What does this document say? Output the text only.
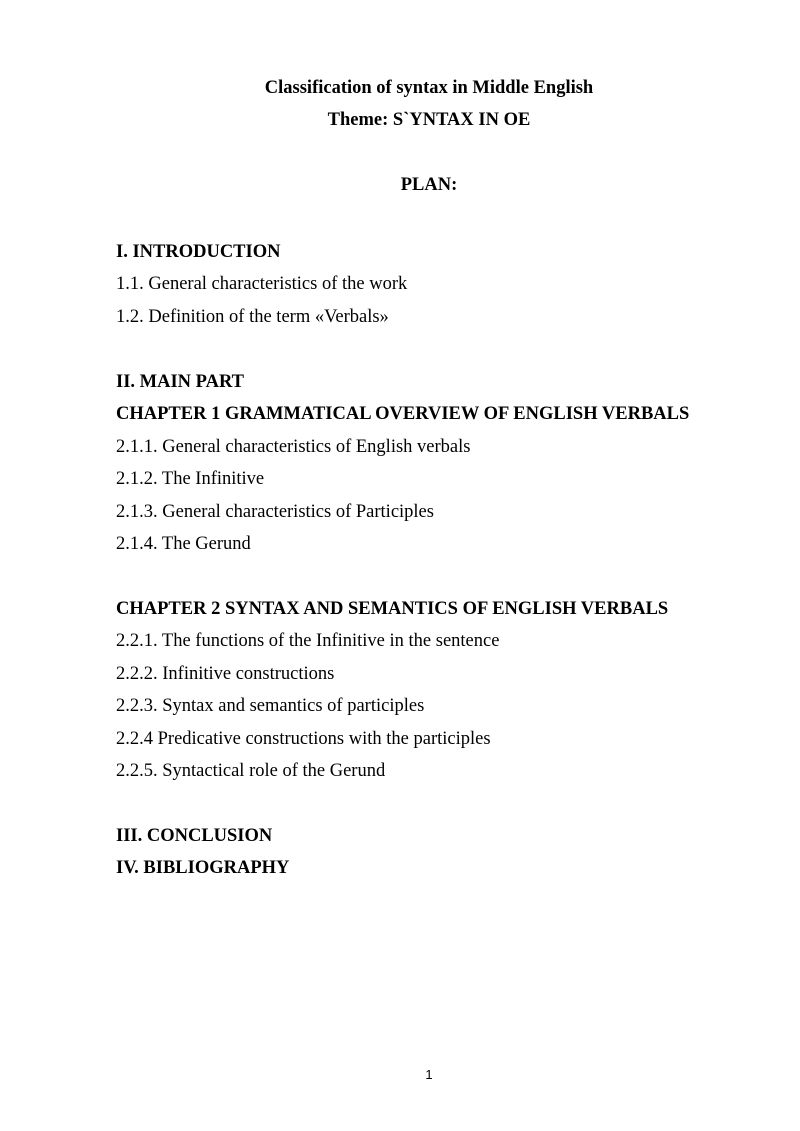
Classification of syntax in Middle English
Theme: S`YNTAX IN OE
PLAN:
I. INTRODUCTION
1.1. General characteristics of the work
1.2. Definition of the term «Verbals»
II. MAIN PART
CHAPTER 1 GRAMMATICAL OVERVIEW OF ENGLISH VERBALS
2.1.1. General characteristics of English verbals
2.1.2. The Infinitive
2.1.3. General characteristics of Participles
2.1.4. The Gerund
CHAPTER 2 SYNTAX AND SEMANTICS OF ENGLISH VERBALS
2.2.1. The functions of the Infinitive in the sentence
2.2.2. Infinitive constructions
2.2.3. Syntax and semantics of participles
2.2.4 Predicative constructions with the participles
2.2.5. Syntactical role of the Gerund
III. CONCLUSION
IV. BIBLIOGRAPHY
1
